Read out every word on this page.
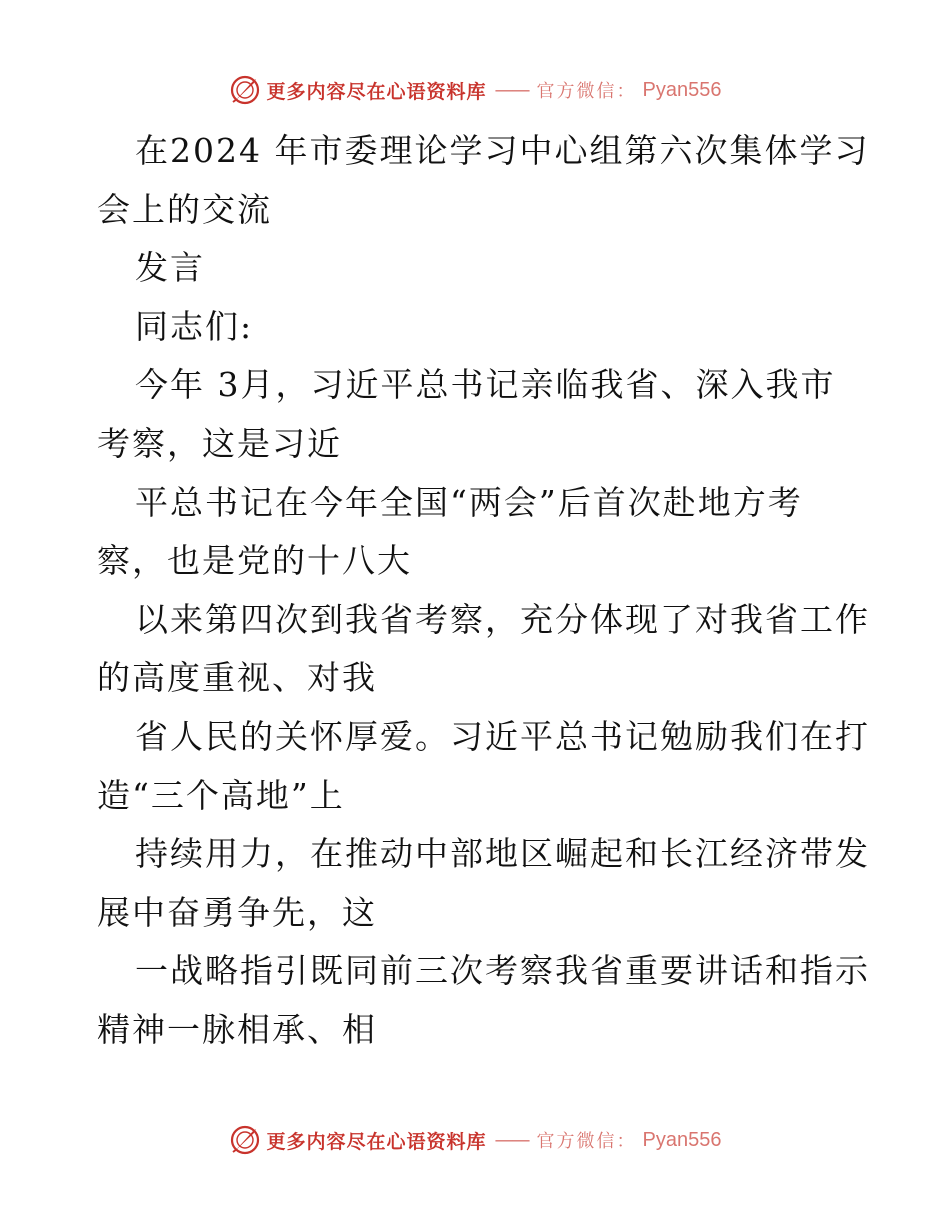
更多内容尽在心语资料库 —— 官方微信： Pyan556
在2024 年市委理论学习中心组第六次集体学习
会上的交流
发言
同志们:
今年 3月，习近平总书记亲临我省、深入我市
考察，这是习近
平总书记在今年全国“两会”后首次赴地方考
察，也是党的十八大
以来第四次到我省考察，充分体现了对我省工作
的高度重视、对我
省人民的关怀厚爱。习近平总书记勉励我们在打
造“三个高地”上
持续用力，在推动中部地区崛起和长江经济带发
展中奋勇争先，这
一战略指引既同前三次考察我省重要讲话和指示
精神一脉相承、相
更多内容尽在心语资料库 —— 官方微信： Pyan556
